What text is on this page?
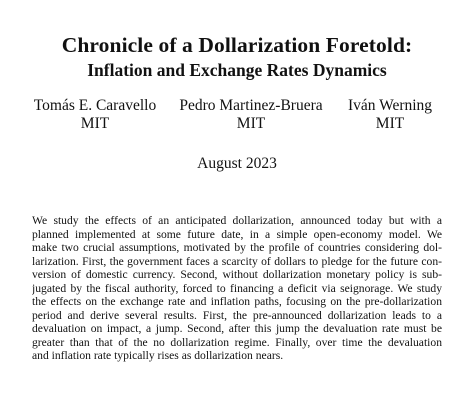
Chronicle of a Dollarization Foretold:
Inflation and Exchange Rates Dynamics
Tomás E. Caravello
MIT
Pedro Martinez-Bruera
MIT
Iván Werning
MIT
August 2023
We study the effects of an anticipated dollarization, announced today but with a
planned implemented at some future date, in a simple open-economy model. We
make two crucial assumptions, motivated by the profile of countries considering dol-
larization. First, the government faces a scarcity of dollars to pledge for the future con-
version of domestic currency. Second, without dollarization monetary policy is sub-
jugated by the fiscal authority, forced to financing a deficit via seignorage. We study
the effects on the exchange rate and inflation paths, focusing on the pre-dollarization
period and derive several results. First, the pre-announced dollarization leads to a
devaluation on impact, a jump. Second, after this jump the devaluation rate must be
greater than that of the no dollarization regime. Finally, over time the devaluation
and inflation rate typically rises as dollarization nears.
